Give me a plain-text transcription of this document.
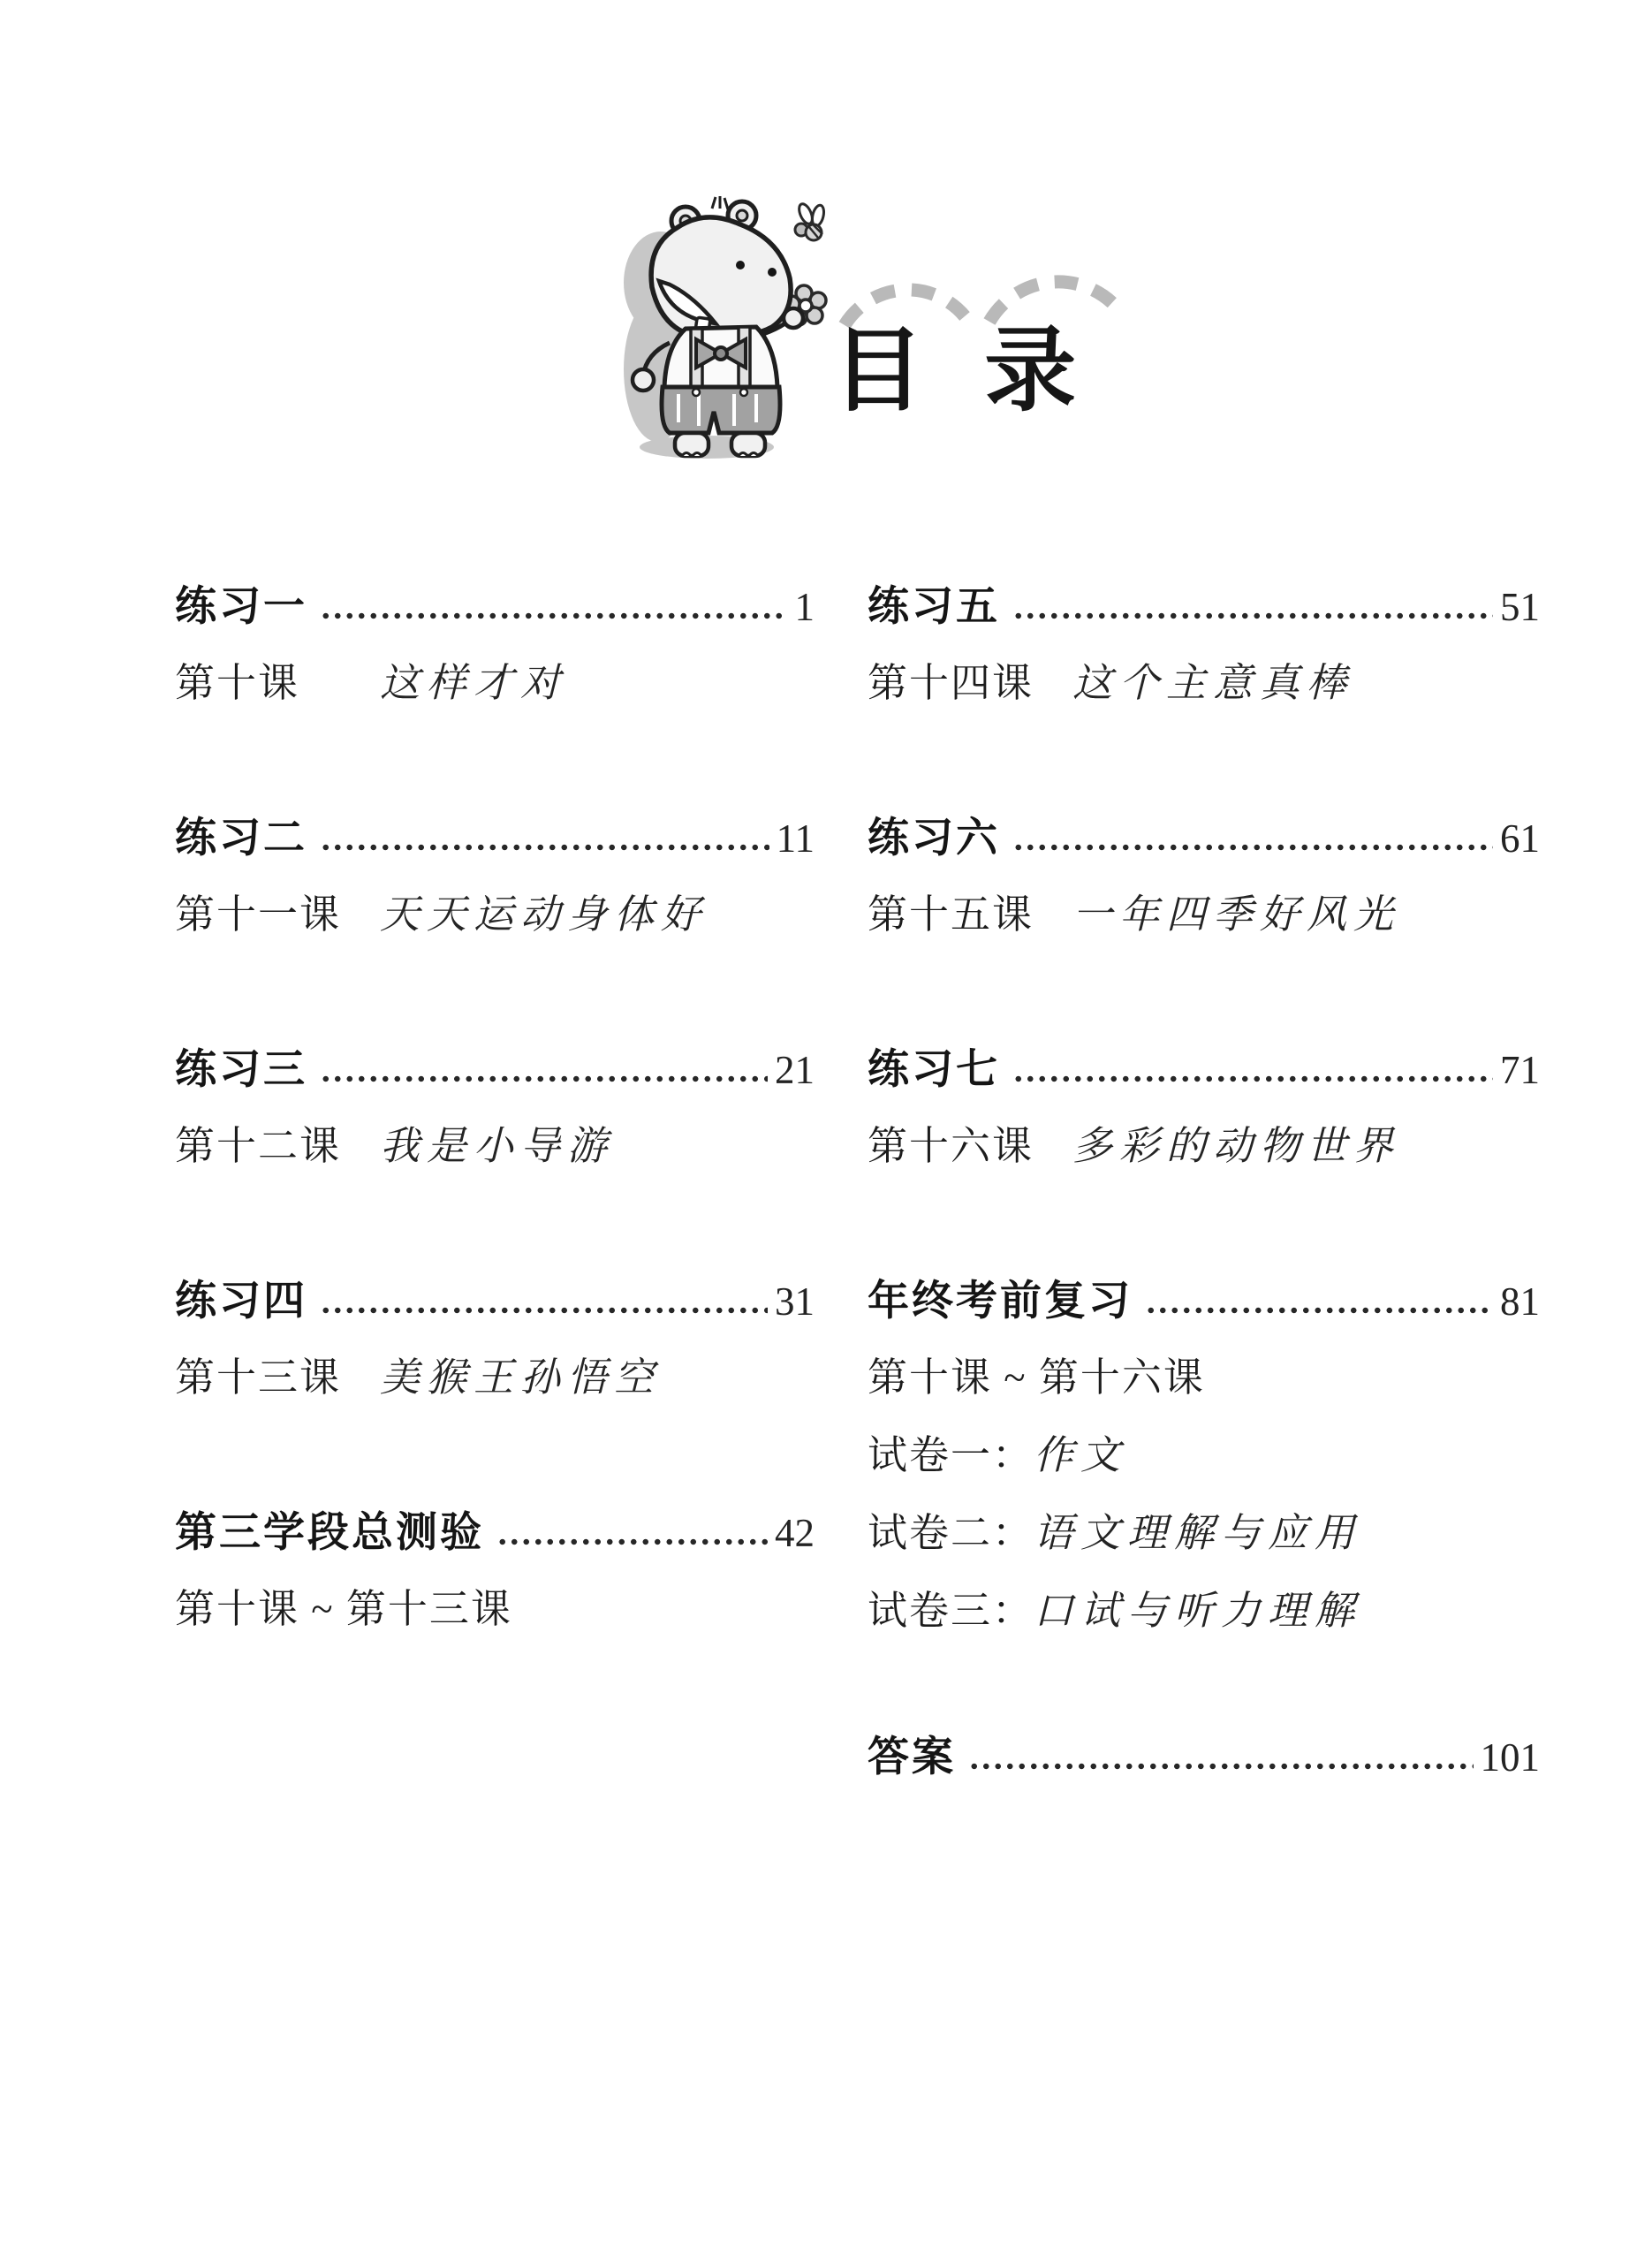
目 录
练习一	1
第十课 这样才对
练习二	11
第十一课 天天运动身体好
练习三	21
第十二课 我是小导游
练习四	31
第十三课 美猴王孙悟空
第三学段总测验	42
第十课 ~ 第十三课
练习五	51
第十四课 这个主意真棒
练习六	61
第十五课 一年四季好风光
练习七	71
第十六课 多彩的动物世界
年终考前复习	81
第十课 ~ 第十六课
试卷一：作文
试卷二：语文理解与应用
试卷三：口试与听力理解
答案	101
